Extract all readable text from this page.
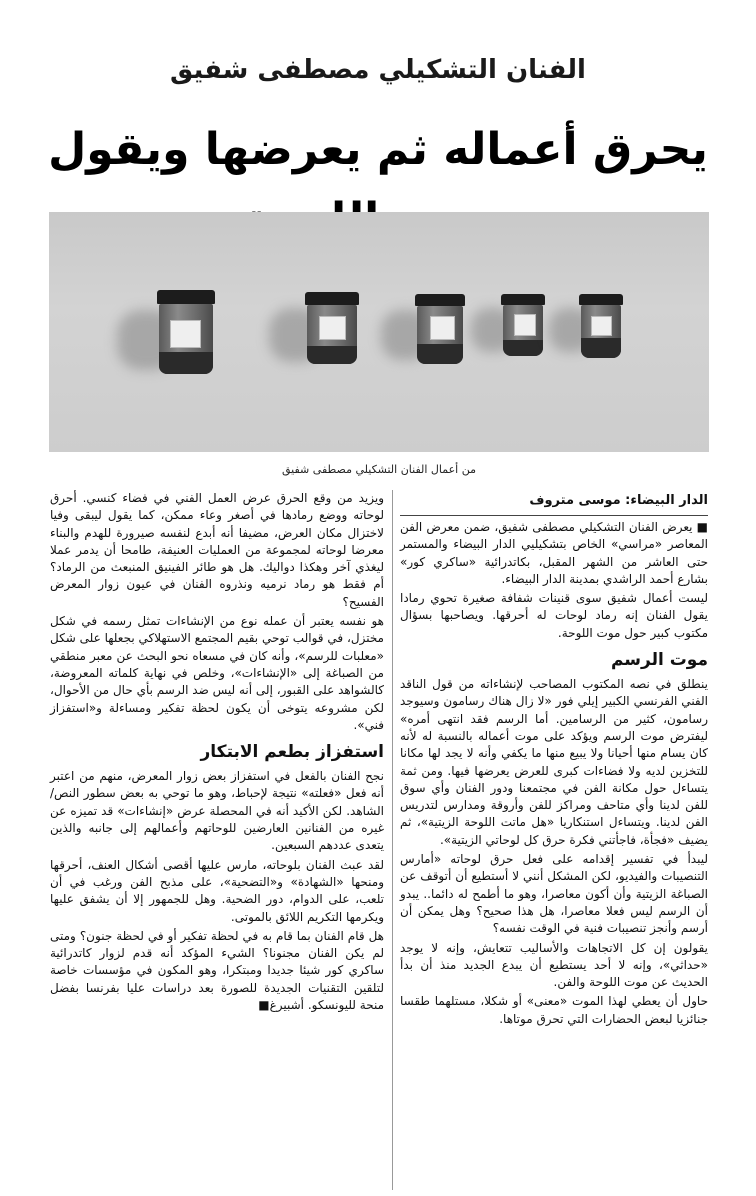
الفنان التشكيلي مصطفى شفيق
يحرق أعماله ثم يعرضها ويقول
من أعمال الفنان التشكيلي مصطفى شفيق
الدار البيضاء: موسى متروف

■ يعرض الفنان التشكيلي مصطفى شفيق، ضمن معرض الفن المعاصر «مراسي» الخاص بتشكيليي الدار البيضاء والمستمر حتى العاشر من الشهر المقبل، بكاتدرائية «ساكري كور» بشارع أحمد الراشدي بمدينة الدار البيضاء.

ليست أعمال شفيق سوى قنينات شفافة صغيرة تحوي رمادا يقول الفنان إنه رماد لوحات له أحرقها. ويصاحبها بسؤال مكتوب كبير حول موت اللوحة.

موت الرسم

ينطلق في نصه المكتوب المصاحب لإنشاءاته من قول الناقد الفني الفرنسي الكبير إيلي فور «لا زال هناك رسامون وسيوجد رسامون، كثير من الرسامين. أما الرسم فقد انتهى أمره» ليفترض موت الرسم ويؤكد على موت أعماله بالنسبة له لأنه كان يسام منها أحيانا ولا يبيع منها ما يكفي وأنه لا يجد لها مكانا للتخزين لديه ولا فضاءات كبرى للعرض يعرضها فيها. ومن ثمة يتساءل حول مكانة الفن في مجتمعنا ودور الفنان وأي سوق للفن لدينا وأي متاحف ومراكز للفن وأروقة ومدارس لتدريس الفن لدينا. ويتساءل استنكاريا «هل ماتت اللوحة الزيتية»، ثم يضيف «فجأة، فاجأتني فكرة حرق كل لوحاتي الزيتية».

ليبدأ في تفسير إقدامه على فعل حرق لوحاته «أمارس التنصيبات والفيديو، لكن المشكل أنني لا أستطيع أن أتوقف عن الصباغة الزيتية وأن أكون معاصرا، وهو ما أطمح له دائما.. يبدو أن الرسم ليس فعلا معاصرا، هل هذا صحيح؟ وهل يمكن أن أرسم وأنجز تنصيبات فنية في الوقت نفسه؟

يقولون إن كل الاتجاهات والأساليب تتعايش، وإنه لا يوجد «حداثي»، وإنه لا أحد يستطيع أن يبدع الجديد منذ أن بدأ الحديث عن موت اللوحة والفن.

حاول أن يعطي لهذا الموت «معنى» أو شكلا، مستلهما طقسا جنائزيا لبعض الحضارات التي تحرق موتاها.

ويزيد من وقع الحرق عرض العمل الفني في فضاء كنسي. أحرق لوحاته ووضع رمادها في أصغر وعاء ممكن، كما يقول ليبقى وفيا لاختزال مكان العرض، مضيفا أنه أبدع لنفسه صيرورة للهدم والبناء معرضا لوحاته لمجموعة من العمليات العنيفة، طامحا أن يدمر عملا ليغذي آخر وهكذا دواليك. هل هو طائر الفينيق المنبعث من الرماد؟ أم فقط هو رماد نرميه ونذروه الفنان في عيون زوار المعرض الفسيح؟

هو نفسه يعتبر أن عمله نوع من الإنشاءات تمثل رسمه في شكل مختزل، في قوالب توحي بقيم المجتمع الاستهلاكي بجعلها على شكل «معلبات للرسم»، وأنه كان في مسعاه نحو البحث عن معبر منطقي من الصباغة إلى «الإنشاءات»، وخلص في نهاية كلماته المعروضة، كالشواهد على القبور، إلى أنه ليس ضد الرسم بأي حال من الأحوال، لكن مشروعه يتوخى أن يكون لحظة تفكير ومساءلة و«استفزاز فني».

استفزاز بطعم الابتكار

نجح الفنان بالفعل في استفزاز بعض زوار المعرض، منهم من اعتبر أنه فعل «فعلته» نتيجة لإحباط، وهو ما توحي به بعض سطور النص/الشاهد. لكن الأكيد أنه في المحصلة عرض «إنشاءات» قد تميزه عن غيره من الفنانين العارضين للوحاتهم وأعمالهم إلى جانبه والذين يتعدى عددهم السبعين.

لقد عبث الفنان بلوحاته، مارس عليها أقصى أشكال العنف، أحرقها ومنحها «الشهادة» و«التضحية»، على مذبح الفن ورغب في أن تلعب، على الدوام، دور الضحية. وهل للجمهور إلا أن يشفق عليها ويكرمها التكريم اللائق بالموتى.

هل قام الفنان بما قام به في لحظة تفكير أو في لحظة جنون؟ ومتى لم يكن الفنان مجنونا؟ الشيء المؤكد أنه قدم لزوار كاتدرائية ساكري كور شيئا جديدا ومبتكرا، وهو المكون في مؤسسات خاصة لتلقين التقنيات الجديدة للصورة بعد دراسات عليا بفرنسا بفضل منحة لليونسكو. أشبيرغ■
